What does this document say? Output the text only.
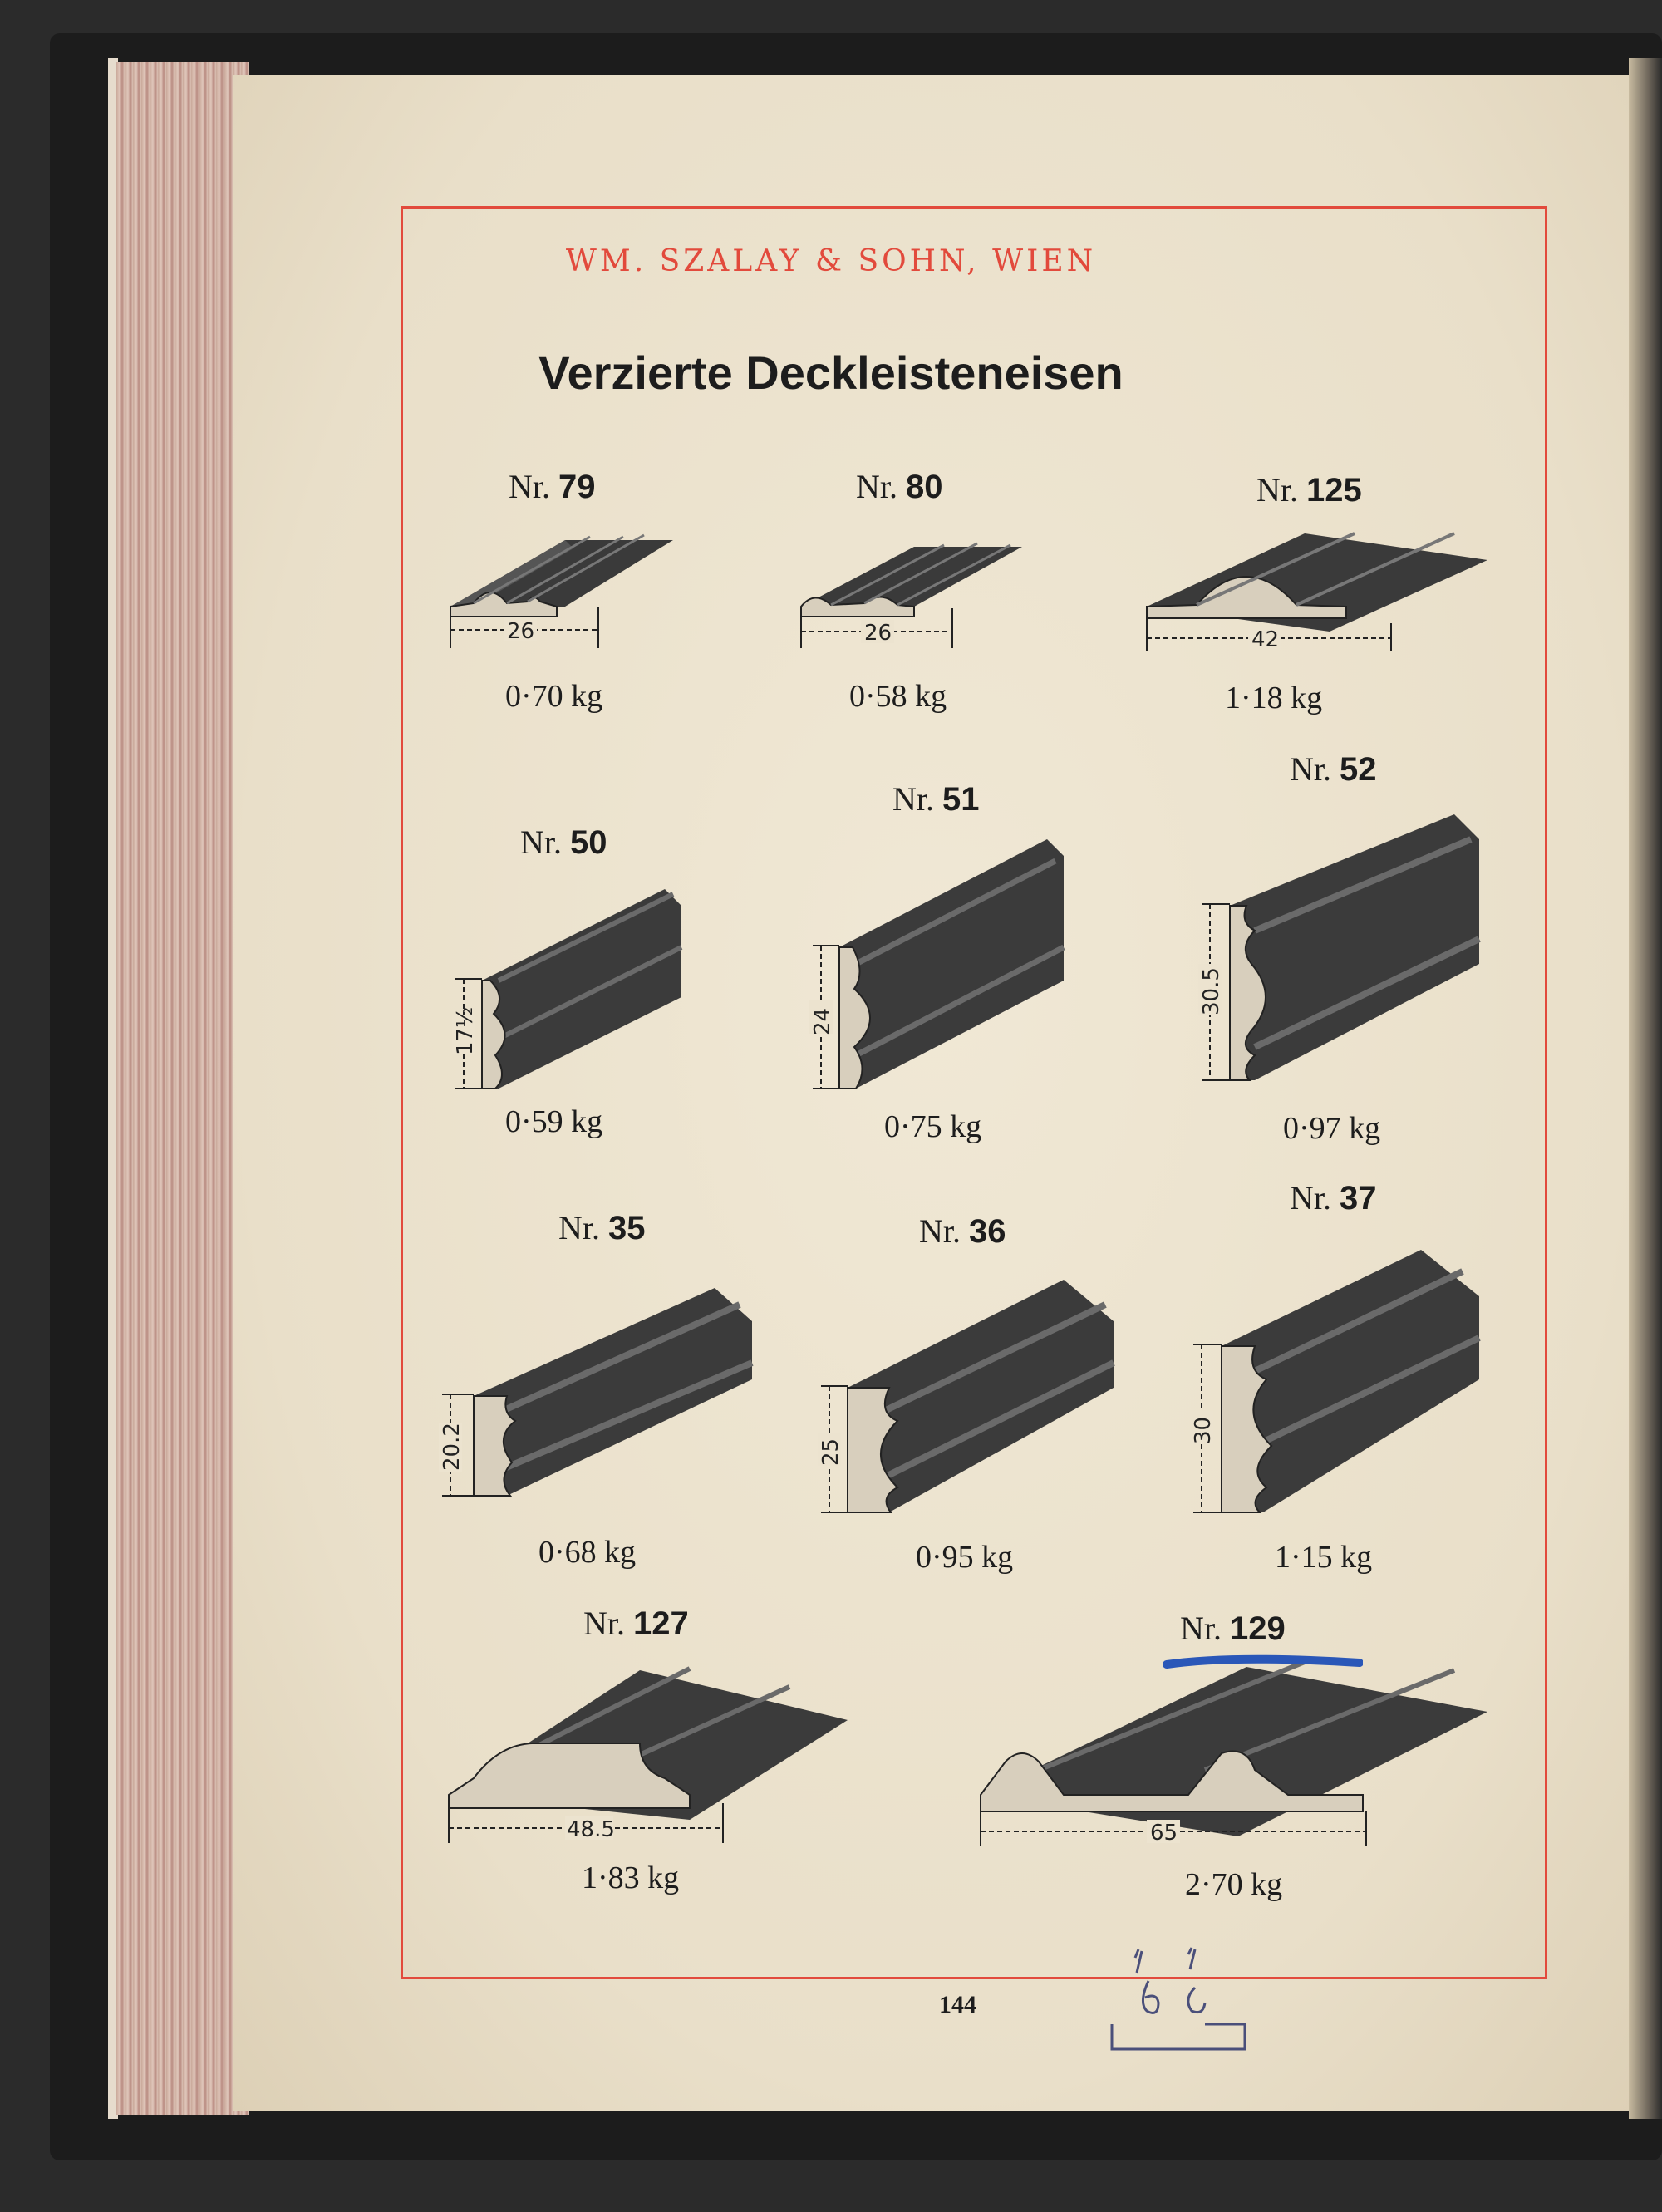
WM. SZALAY & SOHN, WIEN
Verzierte Deckleisteneisen
Nr. 79
26
0·70 kg
Nr. 80
26
0·58 kg
Nr. 125
42
1·18 kg
Nr. 50
17½
0·59 kg
Nr. 51
24
0·75 kg
Nr. 52
30.5
0·97 kg
Nr. 35
20.2
0·68 kg
Nr. 36
25
0·95 kg
Nr. 37
30
1·15 kg
Nr. 127
48.5
1·83 kg
Nr. 129
65
2·70 kg
144
